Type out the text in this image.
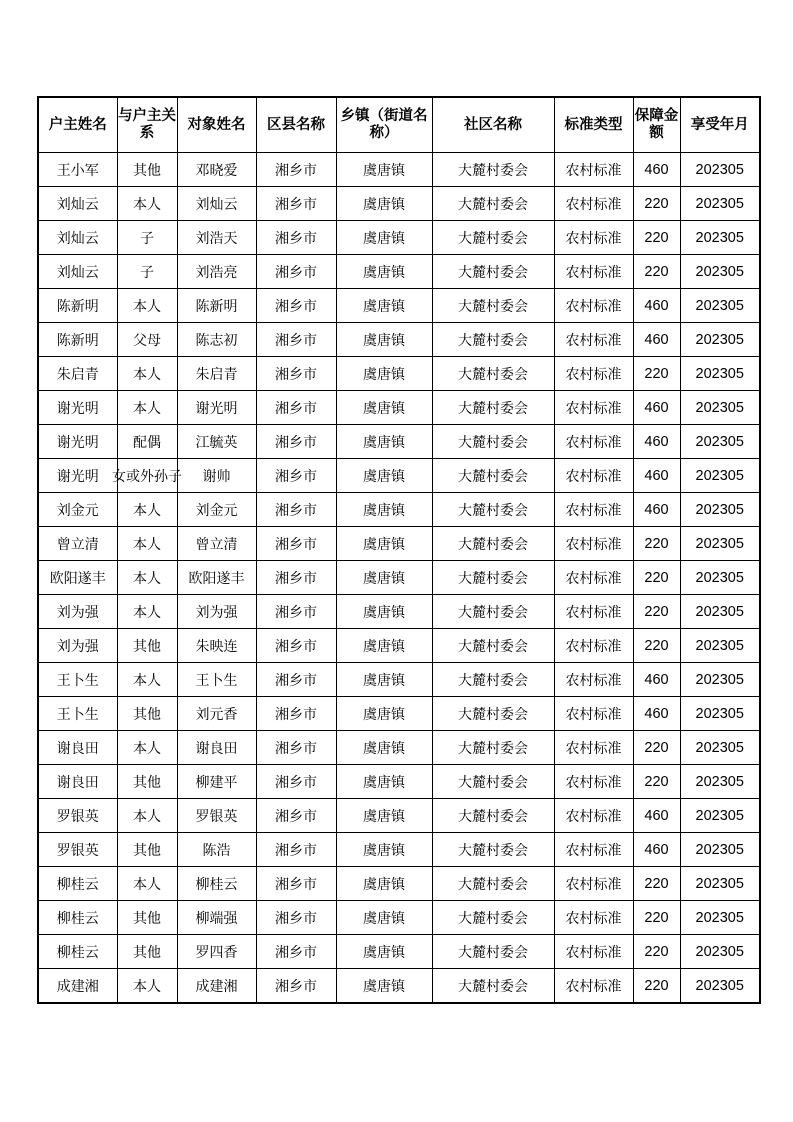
户主姓名	与户主关系	对象姓名	区县名称	乡镇（街道名称）	社区名称	标准类型	保障金额	享受年月
王小军	其他	邓晓爱	湘乡市	虞唐镇	大麓村委会	农村标准	460	202305
刘灿云	本人	刘灿云	湘乡市	虞唐镇	大麓村委会	农村标准	220	202305
刘灿云	子	刘浩天	湘乡市	虞唐镇	大麓村委会	农村标准	220	202305
刘灿云	子	刘浩亮	湘乡市	虞唐镇	大麓村委会	农村标准	220	202305
陈新明	本人	陈新明	湘乡市	虞唐镇	大麓村委会	农村标准	460	202305
陈新明	父母	陈志初	湘乡市	虞唐镇	大麓村委会	农村标准	460	202305
朱启青	本人	朱启青	湘乡市	虞唐镇	大麓村委会	农村标准	220	202305
谢光明	本人	谢光明	湘乡市	虞唐镇	大麓村委会	农村标准	460	202305
谢光明	配偶	江毓英	湘乡市	虞唐镇	大麓村委会	农村标准	460	202305
谢光明	女或外孙子	谢帅	湘乡市	虞唐镇	大麓村委会	农村标准	460	202305
刘金元	本人	刘金元	湘乡市	虞唐镇	大麓村委会	农村标准	460	202305
曾立清	本人	曾立清	湘乡市	虞唐镇	大麓村委会	农村标准	220	202305
欧阳遂丰	本人	欧阳遂丰	湘乡市	虞唐镇	大麓村委会	农村标准	220	202305
刘为强	本人	刘为强	湘乡市	虞唐镇	大麓村委会	农村标准	220	202305
刘为强	其他	朱映连	湘乡市	虞唐镇	大麓村委会	农村标准	220	202305
王卜生	本人	王卜生	湘乡市	虞唐镇	大麓村委会	农村标准	460	202305
王卜生	其他	刘元香	湘乡市	虞唐镇	大麓村委会	农村标准	460	202305
谢良田	本人	谢良田	湘乡市	虞唐镇	大麓村委会	农村标准	220	202305
谢良田	其他	柳建平	湘乡市	虞唐镇	大麓村委会	农村标准	220	202305
罗银英	本人	罗银英	湘乡市	虞唐镇	大麓村委会	农村标准	460	202305
罗银英	其他	陈浩	湘乡市	虞唐镇	大麓村委会	农村标准	460	202305
柳桂云	本人	柳桂云	湘乡市	虞唐镇	大麓村委会	农村标准	220	202305
柳桂云	其他	柳端强	湘乡市	虞唐镇	大麓村委会	农村标准	220	202305
柳桂云	其他	罗四香	湘乡市	虞唐镇	大麓村委会	农村标准	220	202305
成建湘	本人	成建湘	湘乡市	虞唐镇	大麓村委会	农村标准	220	202305
